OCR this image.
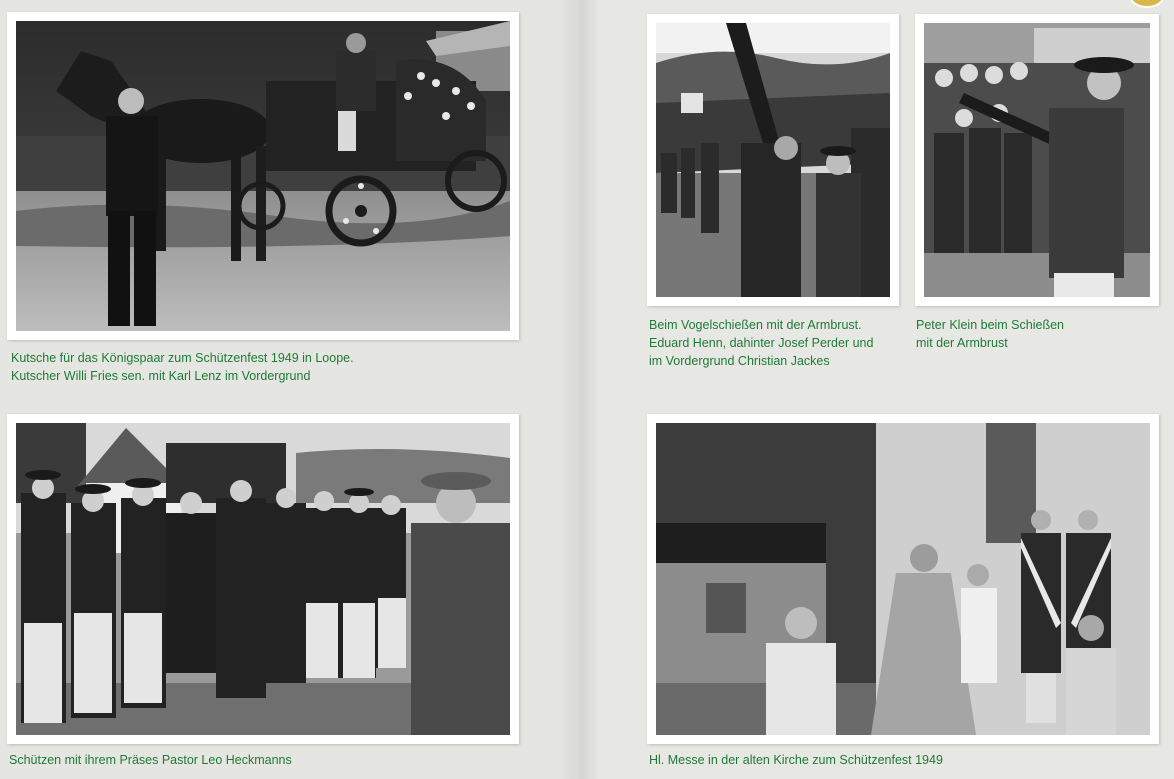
Kutsche für das Königspaar zum Schützenfest 1949 in Loope.
Kutscher Willi Fries sen. mit Karl Lenz im Vordergrund
Beim Vogelschießen mit der Armbrust.
Eduard Henn, dahinter Josef Perder und
im Vordergrund Christian Jackes
Peter Klein beim Schießen
mit der Armbrust
Schützen mit ihrem Präses Pastor Leo Heckmanns	Hl. Messe in der alten Kirche zum Schützenfest 1949
